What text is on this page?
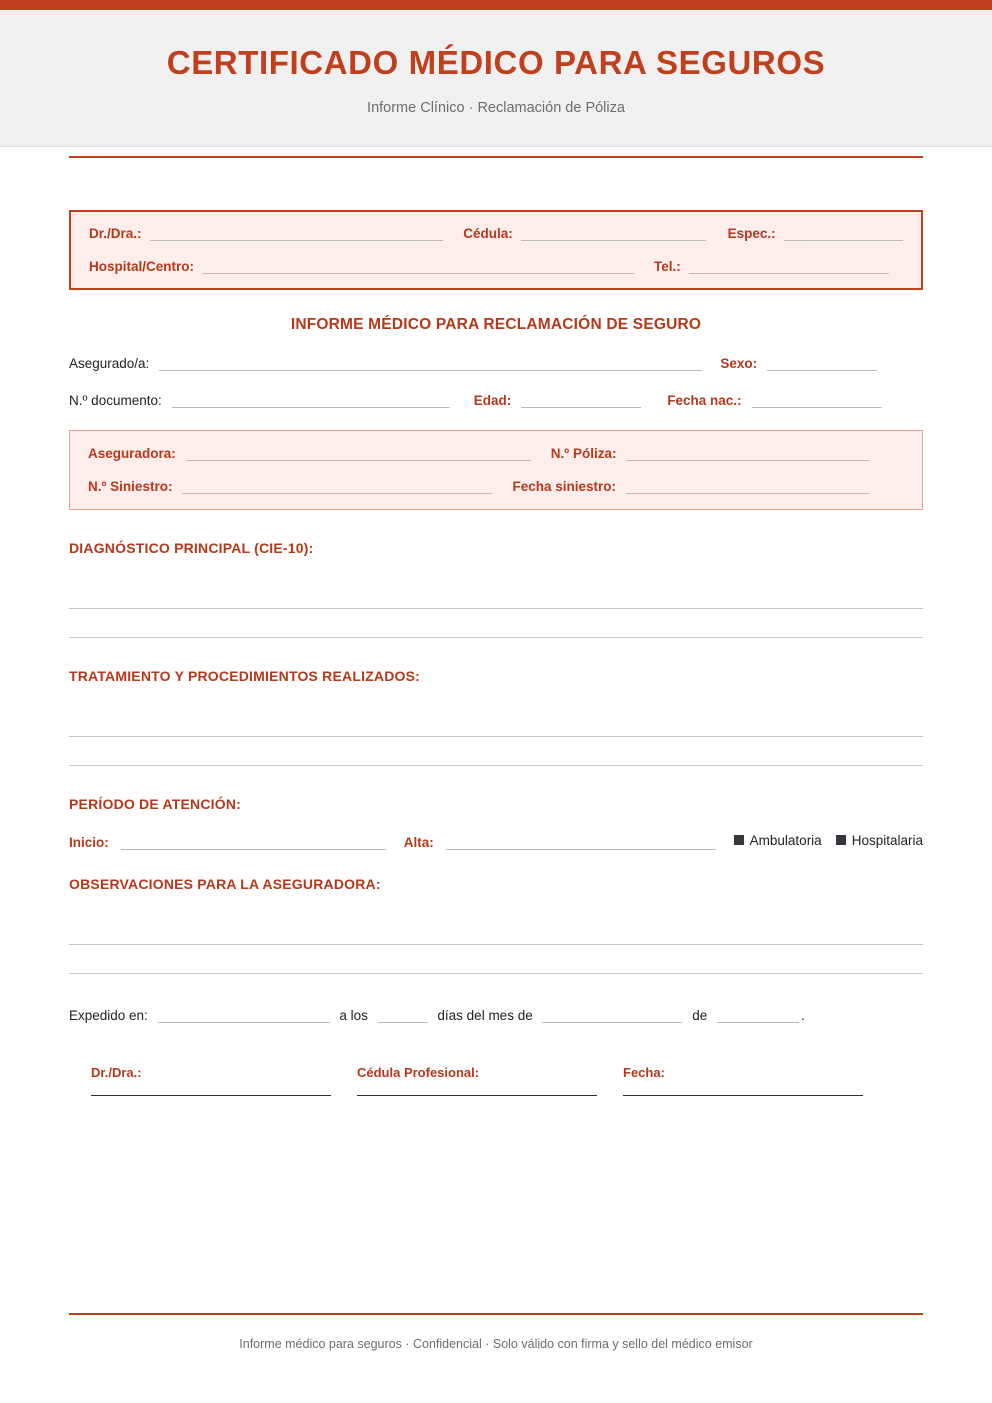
CERTIFICADO MÉDICO PARA SEGUROS
Informe Clínico · Reclamación de Póliza
Dr./Dra.:	Cédula:	Espec.:
Hospital/Centro:	Tel.:
INFORME MÉDICO PARA RECLAMACIÓN DE SEGURO
Asegurado/a:	Sexo:
N.º documento:	Edad:	Fecha nac.:
Aseguradora:	N.º Póliza:
N.º Siniestro:	Fecha siniestro:
DIAGNÓSTICO PRINCIPAL (CIE-10):
TRATAMIENTO Y PROCEDIMIENTOS REALIZADOS:
PERÍODO DE ATENCIÓN:
Inicio:	Alta:	Ambulatoria	Hospitalaria
OBSERVACIONES PARA LA ASEGURADORA:
Expedido en:	a los	días del mes de	de	.
Dr./Dra.:	Cédula Profesional:	Fecha:
Informe médico para seguros · Confidencial · Solo válido con firma y sello del médico emisor
